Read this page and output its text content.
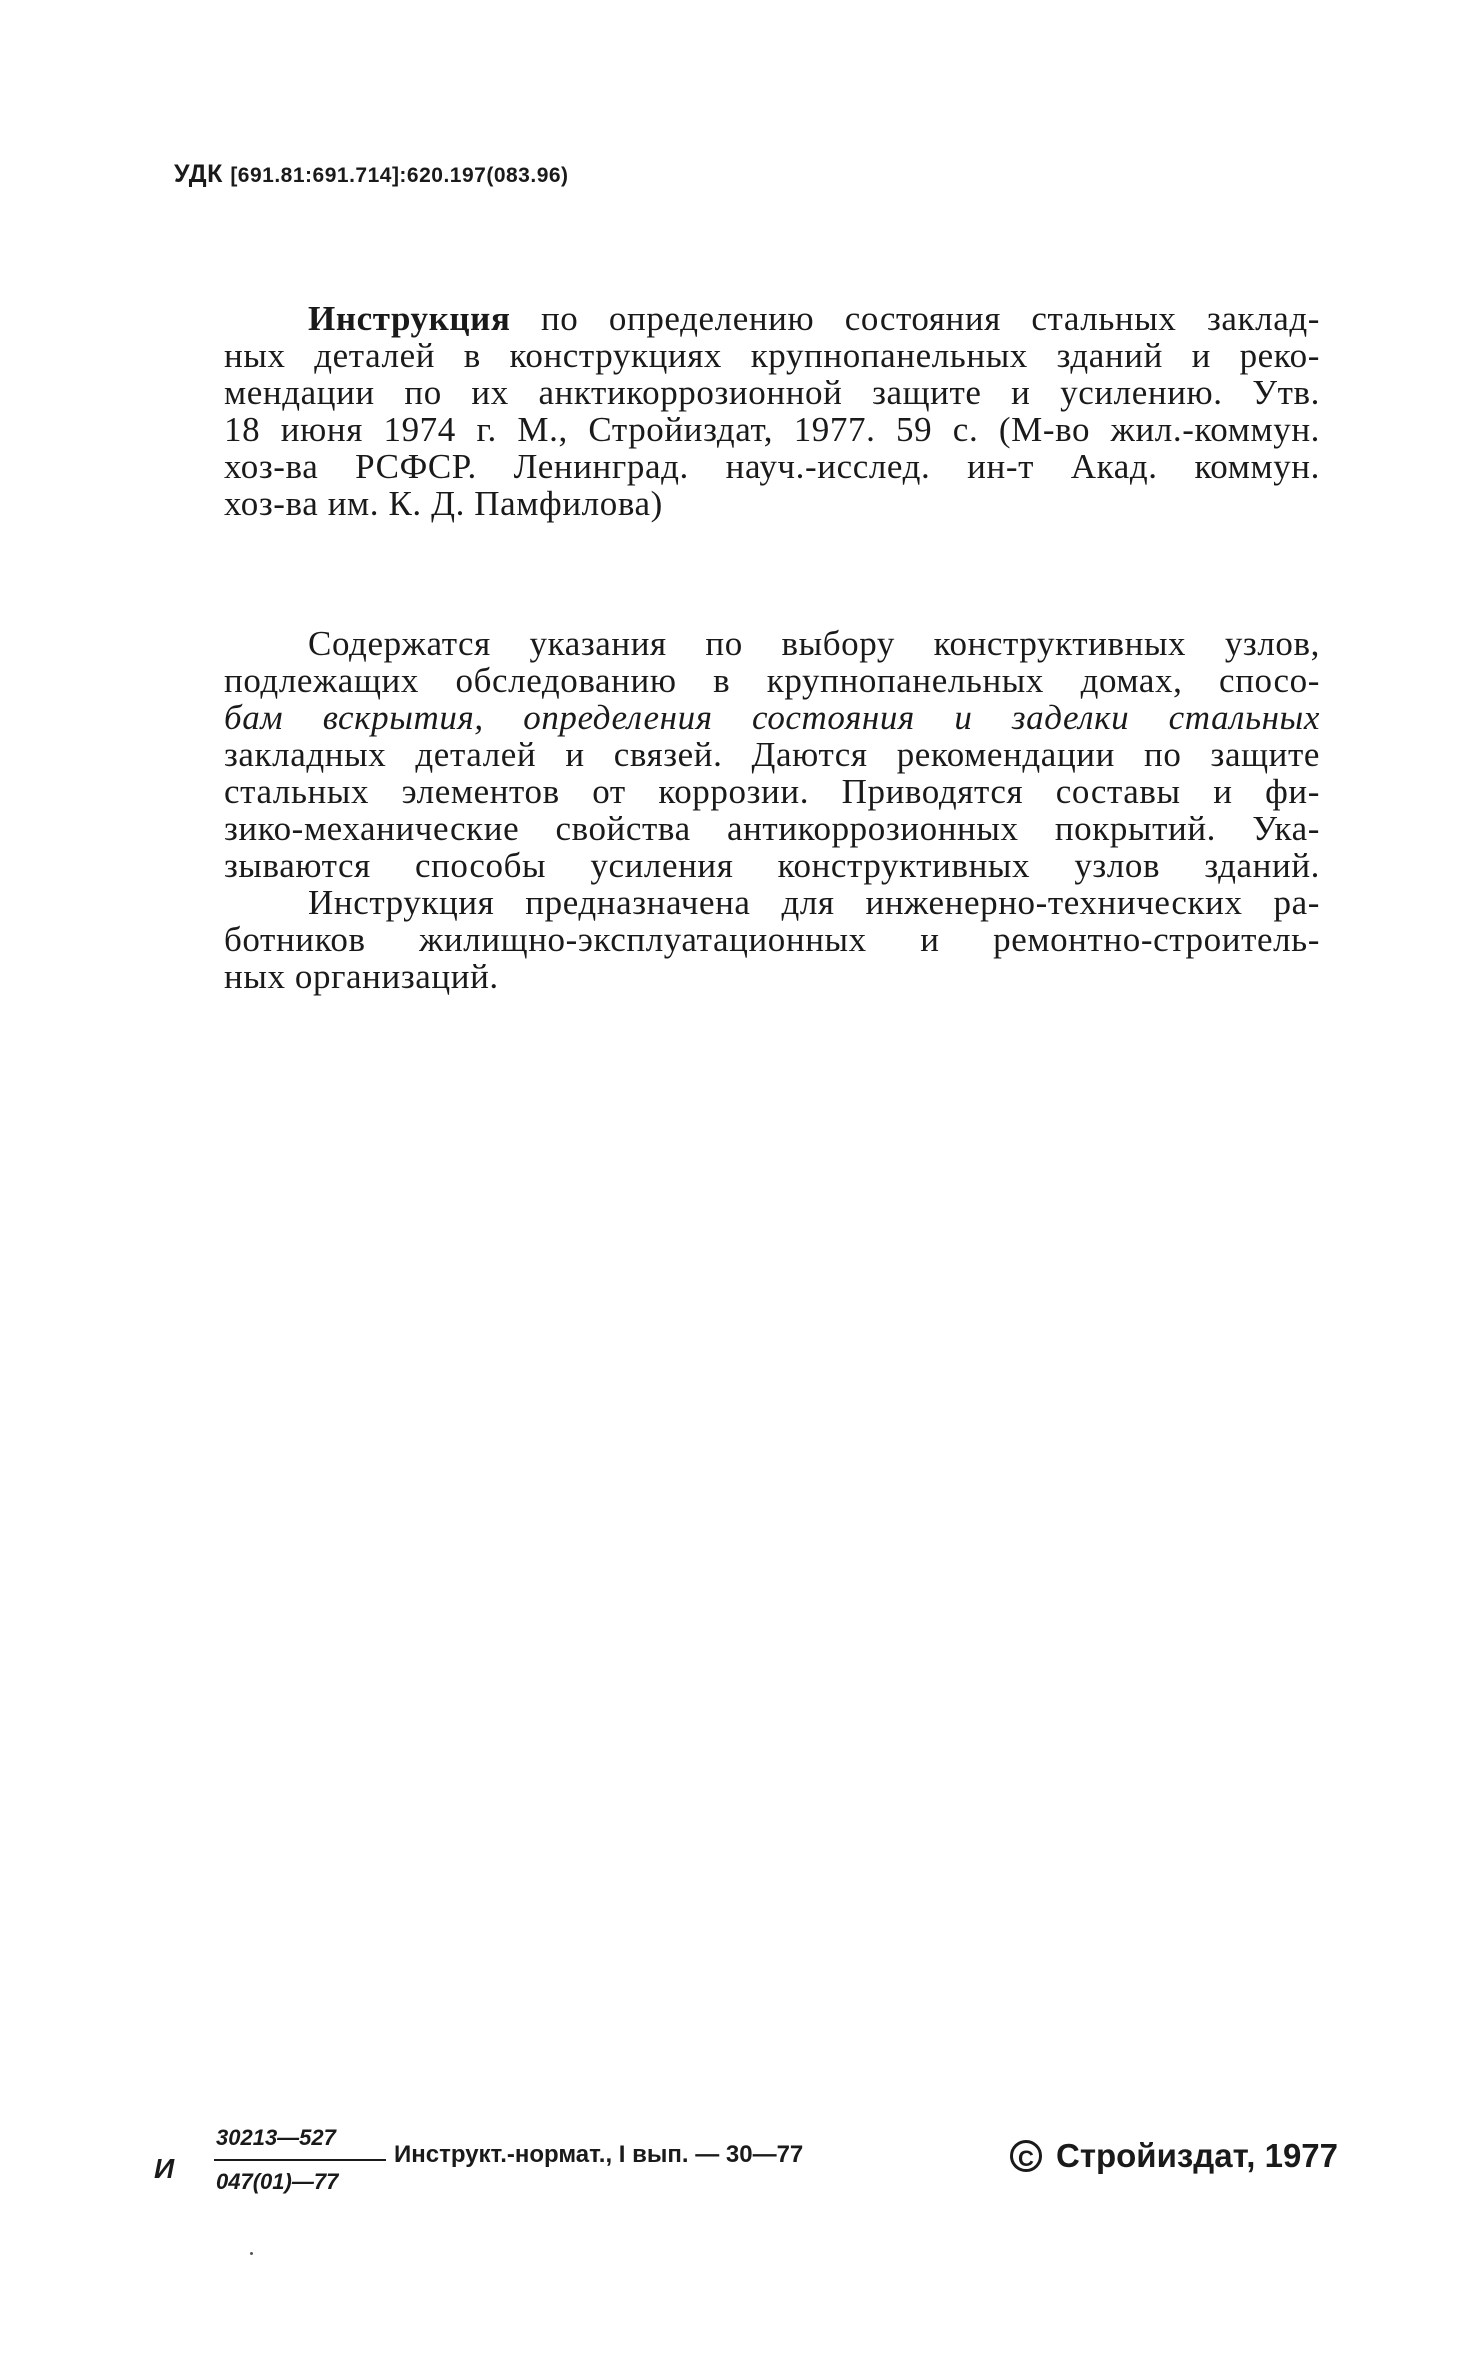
УДК [691.81:691.714]:620.197(083.96)
Инструкция по определению состояния стальных заклад-
ных деталей в конструкциях крупнопанельных зданий и реко-
мендации по их анктикоррозионной защите и усилению. Утв.
18 июня 1974 г. М., Стройиздат, 1977. 59 с. (М-во жил.-коммун.
хоз-ва РСФСР. Ленинград. науч.-исслед. ин-т Акад. коммун.
хоз-ва им. К. Д. Памфилова)
Содержатся указания по выбору конструктивных узлов,
подлежащих обследованию в крупнопанельных домах, спосо-
бам вскрытия, определения состояния и заделки стальных
закладных деталей и связей. Даются рекомендации по защите
стальных элементов от коррозии. Приводятся составы и фи-
зико-механические свойства антикоррозионных покрытий. Ука-
зываются способы усиления конструктивных узлов зданий.
Инструкция предназначена для инженерно-технических ра-
ботников жилищно-эксплуатационных и ремонтно-строитель-
ных организаций.
И $\frac{30213—527}{047(01)—77}$ Инструкт.-нормат., I вып. — 30—77	C Стройиздат, 1977
